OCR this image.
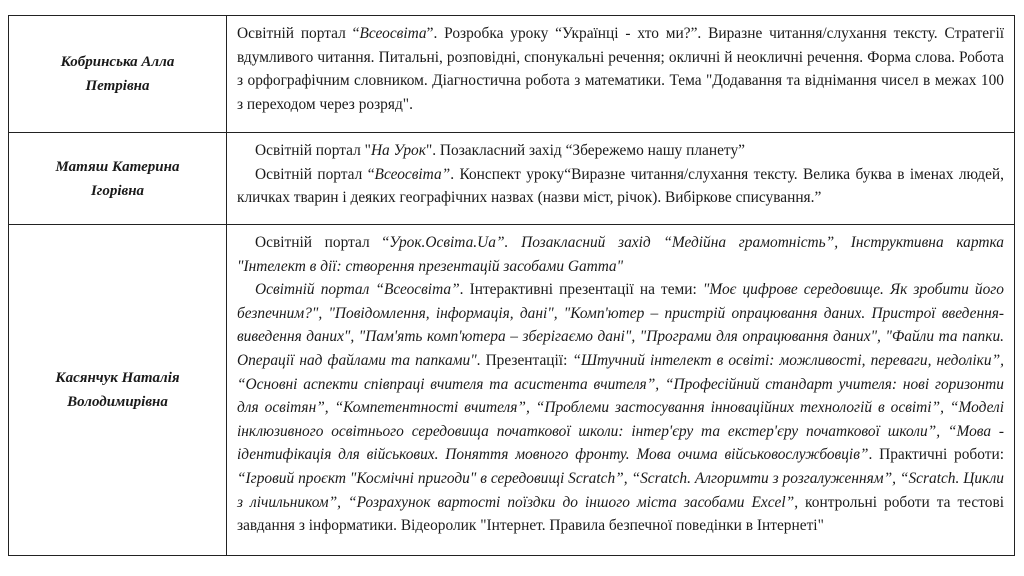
Кобринська Алла Петрівна

Освітній портал “Всеосвіта”. Розробка уроку “Українці - хто ми?”. Виразне читання/слухання тексту. Стратегії вдумливого читання. Питальні, розповідні, спонукальні речення; окличні й неокличні речення. Форма слова. Робота з орфографічним словником. Діагностична робота з математики. Тема "Додавання та віднімання чисел в межах 100 з переходом через розряд".

Матяш Катерина Ігорівна

Освітній портал "На Урок". Позакласний захід “Збережемо нашу планету”

Освітній портал “Всеосвіта”. Конспект уроку“Виразне читання/слухання тексту. Велика буква в іменах людей, кличках тварин і деяких географічних назвах (назви міст, річок). Вибіркове списування.”

Касянчук Наталія Володимирівна

Освітній портал “Урок.Освіта.Ua”. Позакласний захід “Медійна грамотність”, Інструктивна картка "Інтелект в дії: створення презентацій засобами Gamma"

Освітній портал “Всеосвіта”. Інтерактивні презентації на теми: "Моє цифрове середовище. Як зробити його безпечним?", "Повідомлення, інформація, дані", "Комп'ютер – пристрій опрацювання даних. Пристрої введення-виведення даних", "Пам'ять комп'ютера – зберігаємо дані", "Програми для опрацювання даних", "Файли та папки. Операції над файлами та папками". Презентації: “Штучний інтелект в освіті: можливості, переваги, недоліки”, “Основні аспекти співпраці вчителя та асистента вчителя”, “Професійний стандарт учителя: нові горизонти для освітян”, “Компетентності вчителя”, “Проблеми застосування інноваційних технологій в освіті”, “Моделі інклюзивного освітнього середовища початкової школи: інтер'єру та екстер'єру початкової школи”, “Мова - ідентифікація для військових. Поняття мовного фронту. Мова очима військовослужбовців”. Практичні роботи: “Ігровий проєкт "Космічні пригоди" в середовищі Scratch”, “Scratch. Алгоримти з розгалуженням”, “Scratch. Цикли з лічильником”, “Розрахунок вартості поїздки до іншого міста засобами Excel”, контрольні роботи та тестові завдання з інформатики. Відеоролик "Інтернет. Правила безпечної поведінки в Інтернеті"
